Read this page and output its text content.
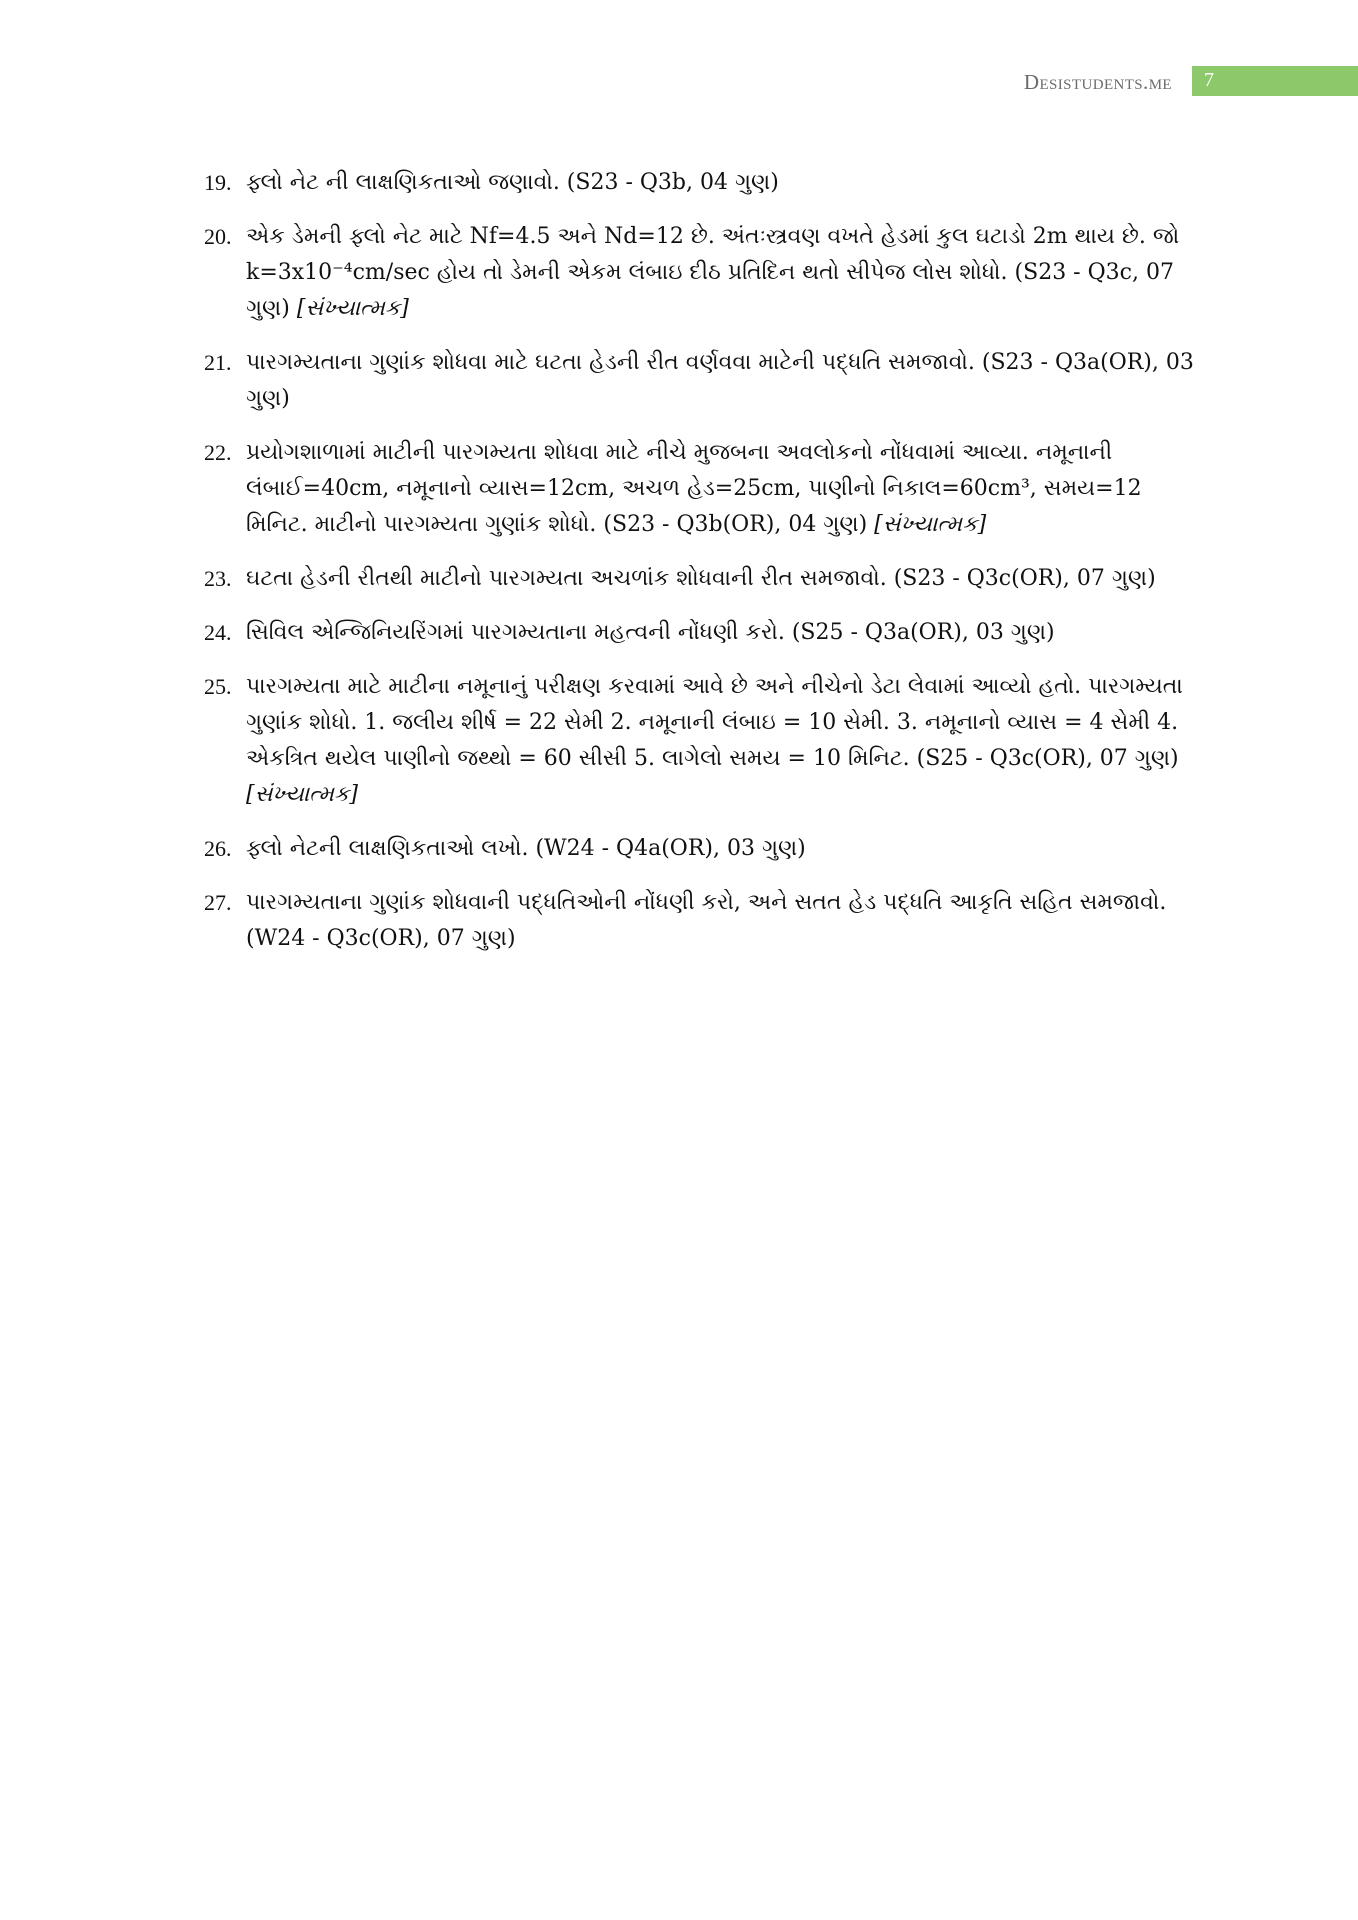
Desistudents.me 7
19. ફ્લો નેટ ની લાક્ષણિકતાઓ જણાવો. (S23 - Q3b, 04 ગુણ)
20. એક ડેમની ફ્લો નેટ માટે Nf=4.5 અને Nd=12 છે. અંતઃસ્ત્રવણ વખતે હેડમાં કુલ ઘટાડો 2m થાય છે. જો k=3x10⁻⁴cm/sec હોય તો ડેમની એકમ લંબાઇ દીઠ પ્રતિદિન થતો સીપેજ લોસ શોધો. (S23 - Q3c, 07 ગુણ) [સંખ્યાત્મક]
21. પારગમ્યતાના ગુણાંક શોધવા માટે ઘટતા હેડની રીત વર્ણવવા માટેની પદ્ધતિ સમજાવો. (S23 - Q3a(OR), 03 ગુણ)
22. પ્રયોગશાળામાં માટીની પારગમ્યતા શોધવા માટે નીચે મુજબના અવલોકનો નોંધવામાં આવ્યા. નમૂનાની લંબાઈ=40cm, નમૂનાનો વ્યાસ=12cm, અચળ હેડ=25cm, પાણીનો નિકાલ=60cm³, સમય=12 મિનિટ. માટીનો પારગમ્યતા ગુણાંક શોધો. (S23 - Q3b(OR), 04 ગુણ) [સંખ્યાત્મક]
23. ઘટતા હેડની રીતથી માટીનો પારગમ્યતા અચળાંક શોધવાની રીત સમજાવો. (S23 - Q3c(OR), 07 ગુણ)
24. સિવિલ એન્જિનિયરિંગમાં પારગમ્યતાના મહત્વની નોંધણી કરો. (S25 - Q3a(OR), 03 ગુણ)
25. પારગમ્યતા માટે માટીના નમૂનાનું પરીક્ષણ કરવામાં આવે છે અને નીચેનો ડેટા લેવામાં આવ્યો હતો. પારગમ્યતા ગુણાંક શોધો. 1. જલીય શીર્ષ = 22 સેમી 2. નમૂનાની લંબાઇ = 10 સેમી. 3. નમૂનાનો વ્યાસ = 4 સેમી 4. એકત્રિત થયેલ પાણીનો જથ્થો = 60 સીસી 5. લાગેલો સમય = 10 મિનિટ. (S25 - Q3c(OR), 07 ગુણ) [સંખ્યાત્મક]
26. ફ્લો નેટની લાક્ષણિકતાઓ લખો. (W24 - Q4a(OR), 03 ગુણ)
27. પારગમ્યતાના ગુણાંક શોધવાની પદ્ધતિઓની નોંધણી કરો, અને સતત હેડ પદ્ધતિ આકૃતિ સહિત સમજાવો. (W24 - Q3c(OR), 07 ગુણ)
